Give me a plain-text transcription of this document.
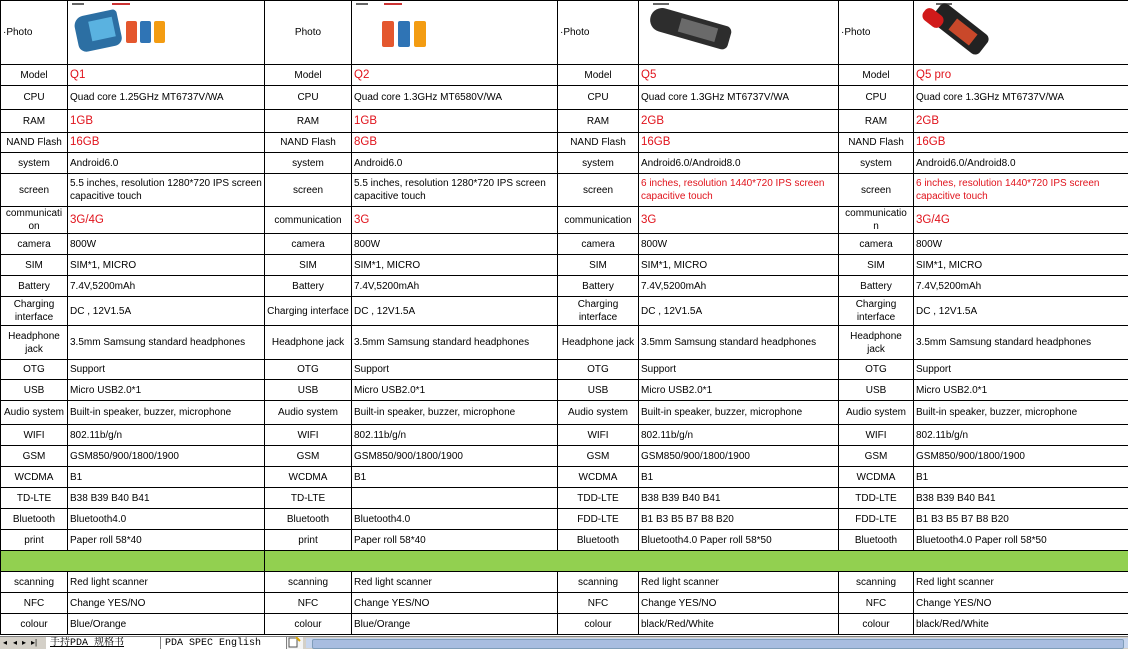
·Photo		Photo		·Photo		·Photo	

Model	Q1	Model	Q2	Model	Q5	Model	Q5 pro
CPU	Quad core 1.25GHz MT6737V/WA	CPU	Quad core 1.3GHz MT6580V/WA	CPU	Quad core 1.3GHz MT6737V/WA	CPU	Quad core 1.3GHz MT6737V/WA
RAM	1GB	RAM	1GB	RAM	2GB	RAM	2GB
NAND Flash	16GB	NAND Flash	8GB	NAND Flash	16GB	NAND Flash	16GB
system	Android6.0	system	Android6.0	system	Android6.0/Android8.0	system	Android6.0/Android8.0
screen	5.5 inches, resolution 1280*720 IPS screen capacitive touch	screen	5.5 inches, resolution 1280*720 IPS screen capacitive touch	screen	6 inches, resolution 1440*720 IPS screen capacitive touch	screen	6 inches, resolution 1440*720 IPS screen capacitive touch
communicati on	3G/4G	communication	3G	communication	3G	communicatio n	3G/4G
camera	800W	camera	800W	camera	800W	camera	800W
SIM	SIM*1, MICRO	SIM	SIM*1, MICRO	SIM	SIM*1, MICRO	SIM	SIM*1, MICRO
Battery	7.4V,5200mAh	Battery	7.4V,5200mAh	Battery	7.4V,5200mAh	Battery	7.4V,5200mAh
Charging interface	DC , 12V1.5A	Charging interface	DC , 12V1.5A	Charging interface	DC , 12V1.5A	Charging interface	DC , 12V1.5A
Headphone jack	3.5mm Samsung standard headphones	Headphone jack	3.5mm Samsung standard headphones	Headphone jack	3.5mm Samsung standard headphones	Headphone jack	3.5mm Samsung standard headphones
OTG	Support	OTG	Support	OTG	Support	OTG	Support
USB	Micro USB2.0*1	USB	Micro USB2.0*1	USB	Micro USB2.0*1	USB	Micro USB2.0*1
Audio system	Built-in speaker, buzzer, microphone	Audio system	Built-in speaker, buzzer, microphone	Audio system	Built-in speaker, buzzer, microphone	Audio system	Built-in speaker, buzzer, microphone
WIFI	802.11b/g/n	WIFI	802.11b/g/n	WIFI	802.11b/g/n	WIFI	802.11b/g/n
GSM	GSM850/900/1800/1900	GSM	GSM850/900/1800/1900	GSM	GSM850/900/1800/1900	GSM	GSM850/900/1800/1900
WCDMA	B1	WCDMA	B1	WCDMA	B1	WCDMA	B1
TD-LTE	B38 B39 B40 B41	TD-LTE		TDD-LTE	B38 B39 B40 B41	TDD-LTE	B38 B39 B40 B41
Bluetooth	Bluetooth4.0	Bluetooth	Bluetooth4.0	FDD-LTE	B1 B3 B5 B7 B8 B20	FDD-LTE	B1 B3 B5 B7 B8 B20
print	Paper roll 58*40	print	Paper roll 58*40	Bluetooth	Bluetooth4.0 Paper roll 58*50	Bluetooth	Bluetooth4.0 Paper roll 58*50

scanning	Red light scanner	scanning	Red light scanner	scanning	Red light scanner	scanning	Red light scanner
NFC	Change YES/NO	NFC	Change YES/NO	NFC	Change YES/NO	NFC	Change YES/NO
colour	Blue/Orange	colour	Blue/Orange	colour	black/Red/White	colour	black/Red/White
◂ ◂ ▸ ▸|	手持PDA 规格书	PDA SPEC English
